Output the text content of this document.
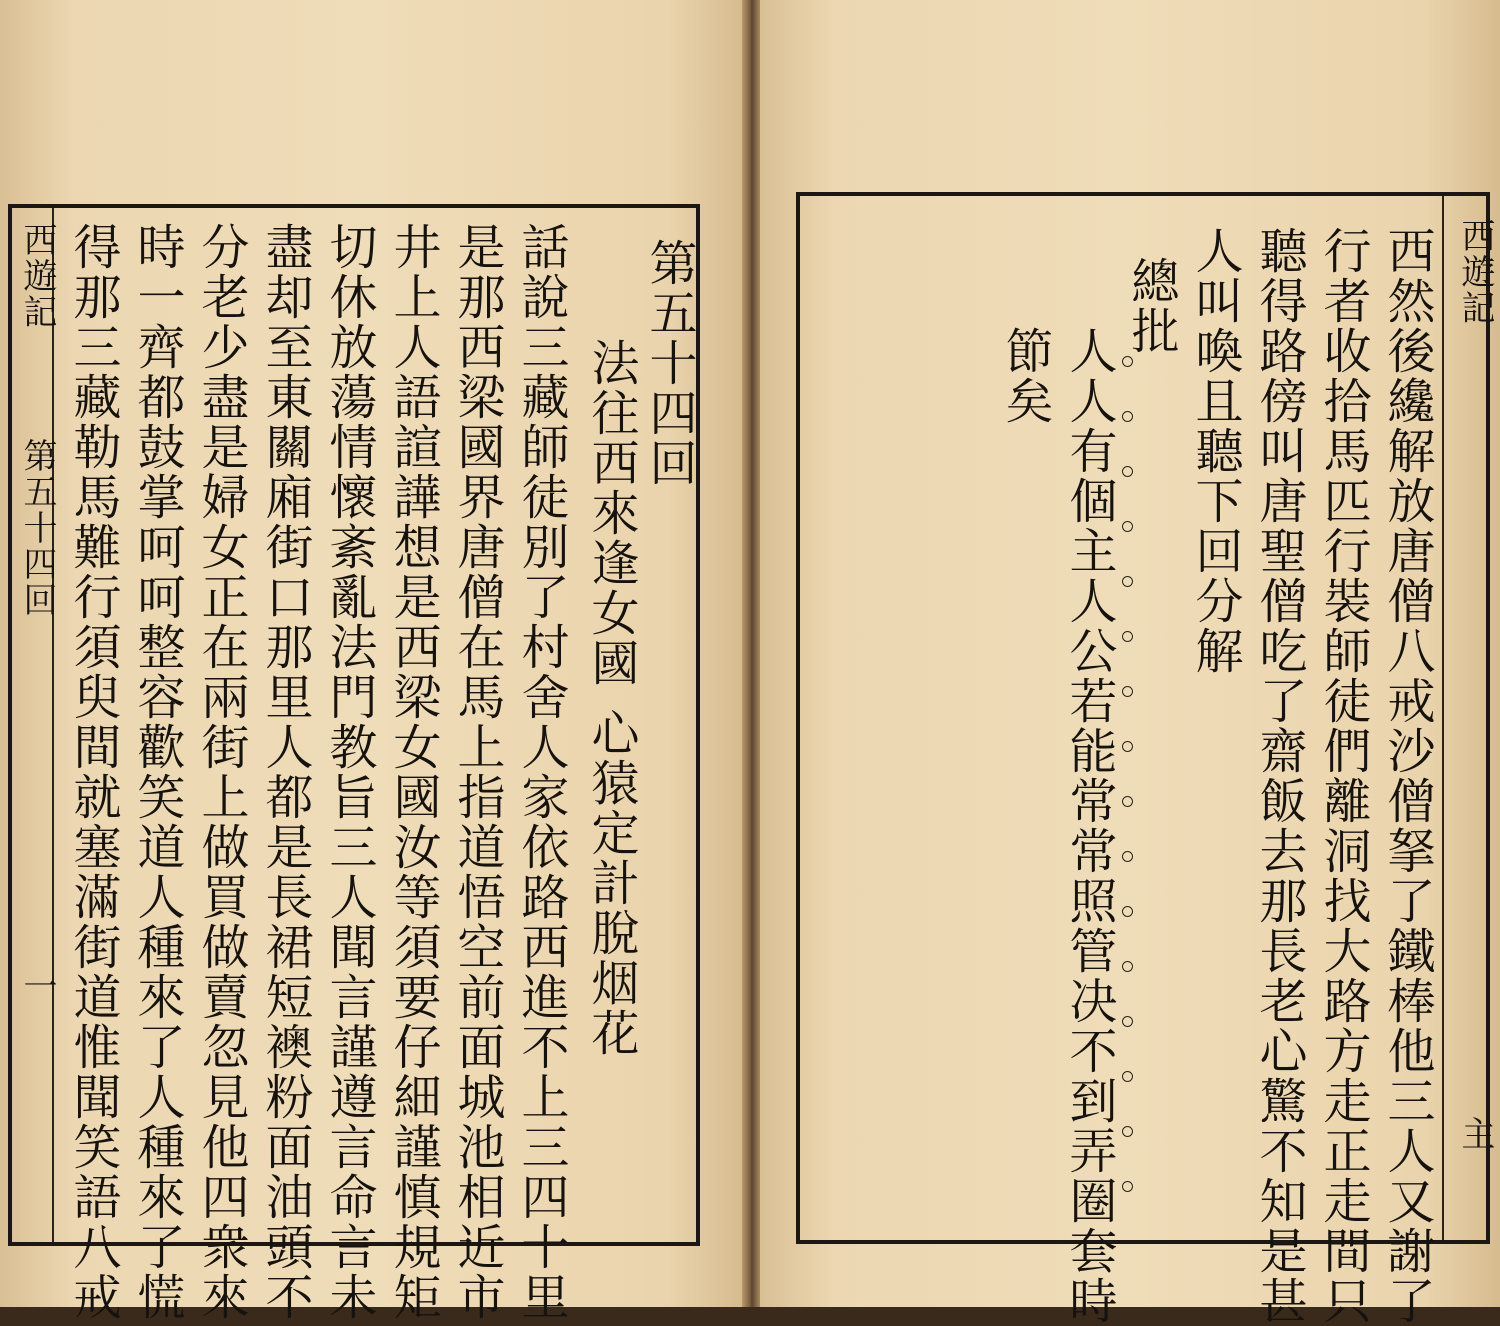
第五十四回
法往西來逢女國
心猿定計脫烟花
話說三藏師徒別了村舍人家依路西進不上三四十里
是那西梁國界唐僧在馬上指道悟空前面城池相近市
井上人語諠譁想是西梁女國汝等須要仔細謹慎規矩
切休放蕩情懷紊亂法門教旨三人聞言謹遵言命言未
盡却至東關廂街口那里人都是長裙短襖粉面油頭不
分老少盡是婦女正在兩街上做買做賣忽見他四衆來
時一齊都鼓掌呵呵整容歡笑道人種來了人種來了慌
得那三藏勒馬難行須臾間就塞滿街道惟聞笑語八戒
西遊記
第五十四回
一
西遊記
主
西然後纔解放唐僧八戒沙僧拏了鐵棒他三人又謝了
行者收拾馬匹行裝師徒們離洞找大路方走正走間只
聽得路傍叫唐聖僧吃了齋飯去那長老心驚不知是甚
人叫喚且聽下回分解
總批
人人有個主人公若能常常照管决不到弄圈套時
節矣
